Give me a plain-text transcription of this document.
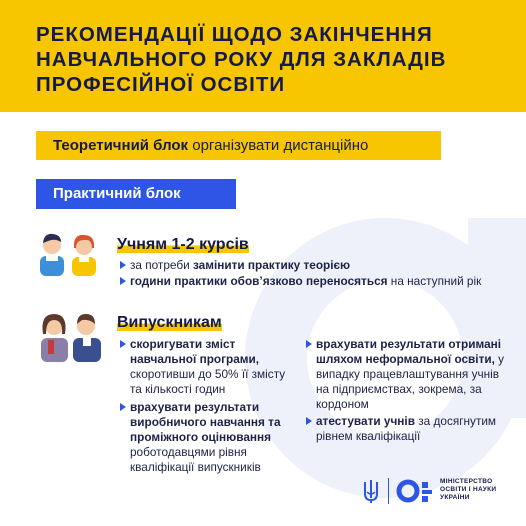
РЕКОМЕНДАЦІЇ ЩОДО ЗАКІНЧЕННЯ НАВЧАЛЬНОГО РОКУ ДЛЯ ЗАКЛАДІВ ПРОФЕСІЙНОЇ ОСВІТИ
Теоретичний блок організувати дистанційно
Практичний блок
Учням 1-2 курсів
за потреби замінити практику теорією
години практики обов’язково переносяться на наступний рік
Випускникам
скоригувати зміст навчальної програми, скоротивши до 50% її змісту та кількості годин
врахувати результати виробничого навчання та проміжного оцінювання роботодавцями рівня кваліфікації випускників
врахувати результати отримані шляхом неформальної освіти, у випадку працевлаштування учнів на підприємствах, зокрема, за кордоном
атестувати учнів за досягнутим рівнем кваліфікації
МІНІСТЕРСТВО
ОСВІТИ І НАУКИ
УКРАЇНИ
